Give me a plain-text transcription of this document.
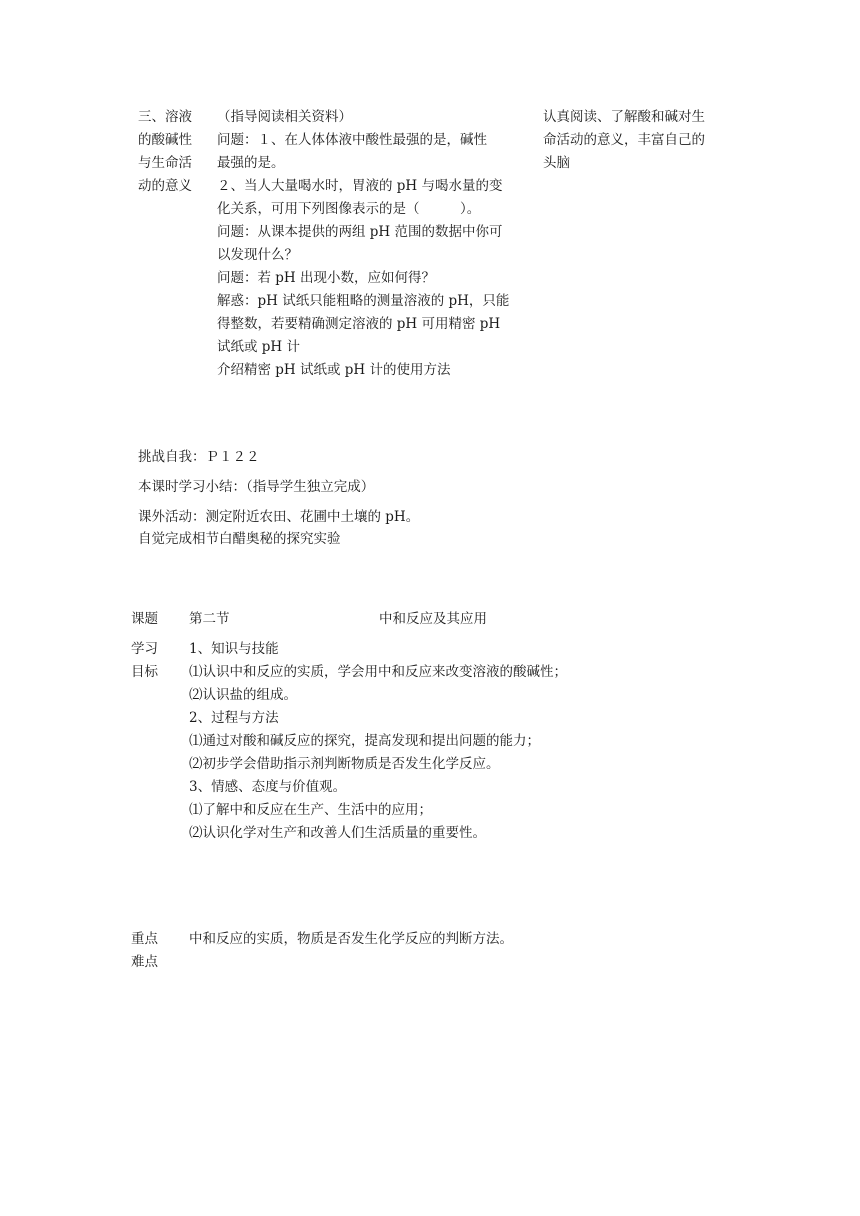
三、溶液
的酸碱性
与生命活
动的意义
（指导阅读相关资料）
问题：１、在人体体液中酸性最强的是，碱性
最强的是。
２、当人大量喝水时，胃液的 pH 与喝水量的变
化关系，可用下列图像表示的是（　　　）。
问题：从课本提供的两组 pH 范围的数据中你可
以发现什么？
问题：若 pH 出现小数，应如何得？
解惑：pH 试纸只能粗略的测量溶液的 pH，只能
得整数，若要精确测定溶液的 pH 可用精密 pH
试纸或 pH 计
介绍精密 pH 试纸或 pH 计的使用方法
认真阅读、了解酸和碱对生
命活动的意义，丰富自己的
头脑
挑战自我：Ｐ１２２
本课时学习小结：（指导学生独立完成）
课外活动：测定附近农田、花圃中土壤的 pH。
自觉完成相节白醋奥秘的探究实验
课题 第二节	中和反应及其应用
学习
目标
1、知识与技能
⑴认识中和反应的实质，学会用中和反应来改变溶液的酸碱性；
⑵认识盐的组成。
2、过程与方法
⑴通过对酸和碱反应的探究，提高发现和提出问题的能力；
⑵初步学会借助指示剂判断物质是否发生化学反应。
3、情感、态度与价值观。
⑴了解中和反应在生产、生活中的应用；
⑵认识化学对生产和改善人们生活质量的重要性。
重点
难点
中和反应的实质，物质是否发生化学反应的判断方法。
